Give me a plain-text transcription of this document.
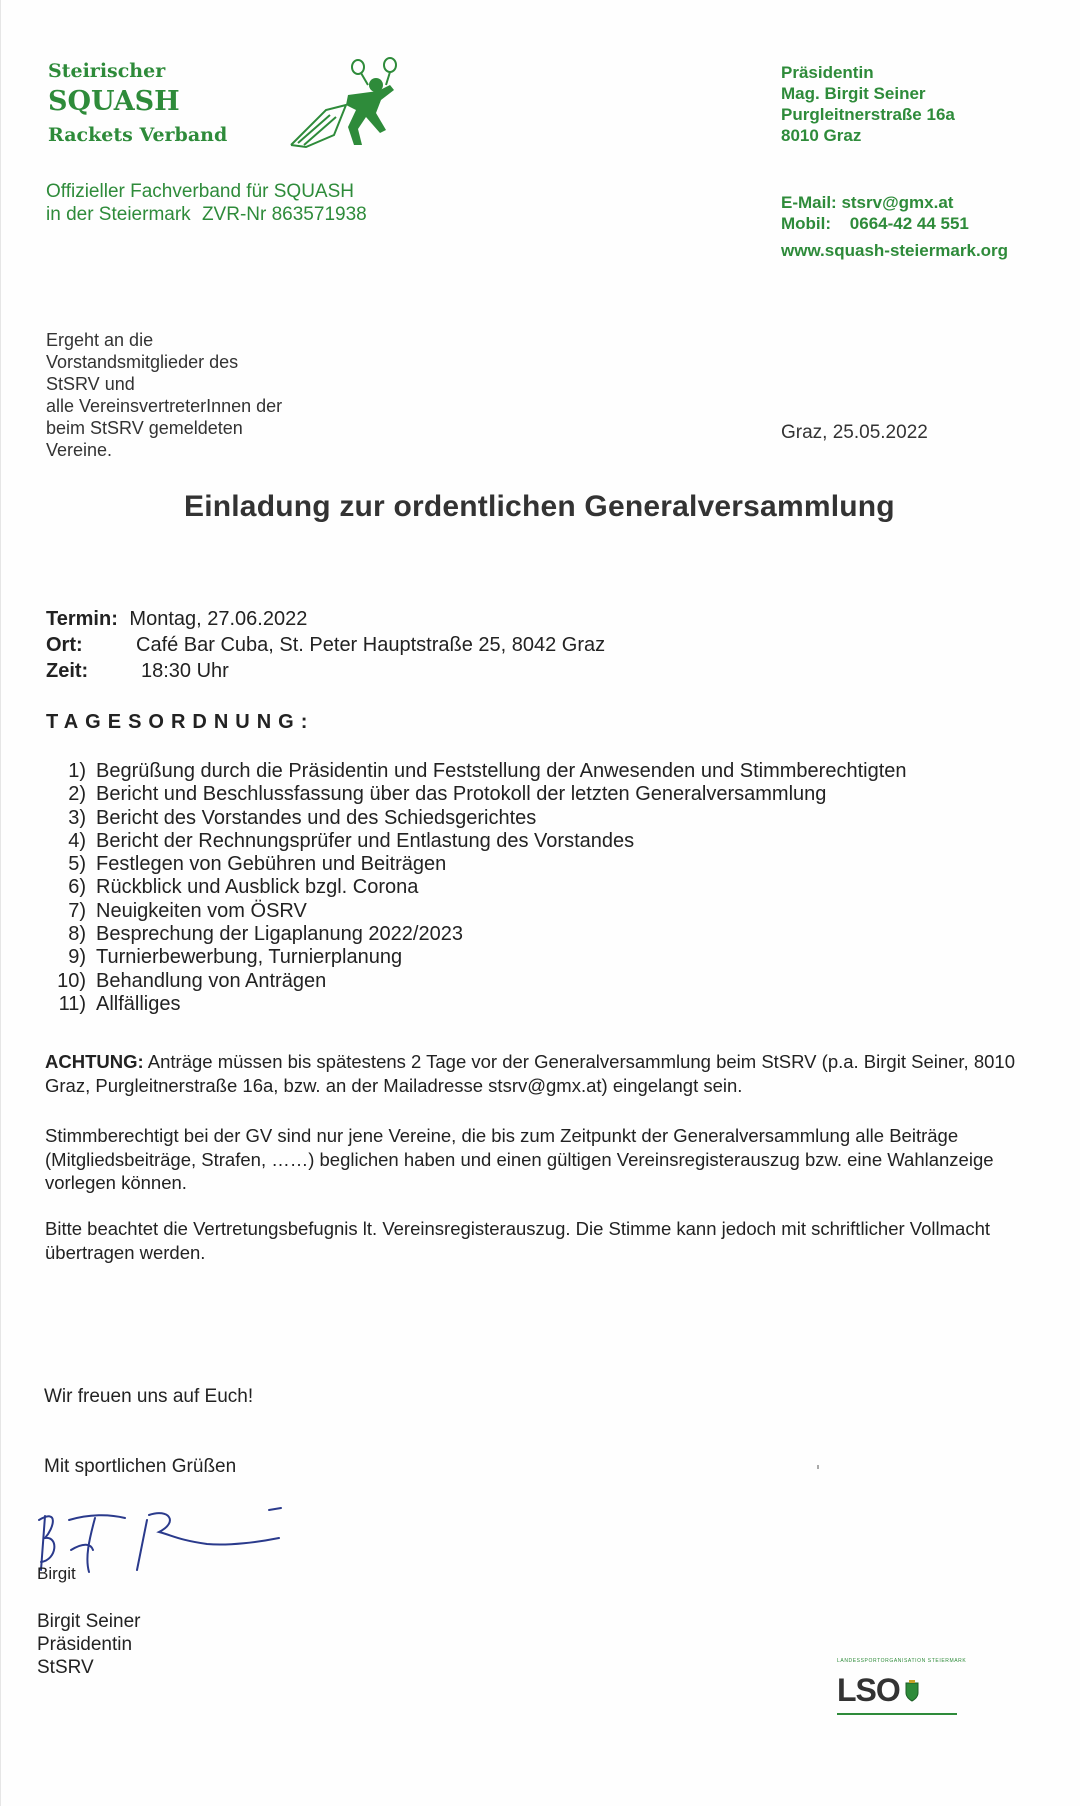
Steirischer
SQUASH
Rackets Verband
Offizieller Fachverband für SQUASH
in der Steiermark ZVR-Nr 863571938
Präsidentin
Mag. Birgit Seiner
Purgleitnerstraße 16a
8010 Graz
E-Mail: stsrv@gmx.at
Mobil: 0664-42 44 551
www.squash-steiermark.org
Ergeht an die
Vorstandsmitglieder des
StSRV und
alle VereinsvertreterInnen der
beim StSRV gemeldeten
Vereine.
Graz, 25.05.2022
Einladung zur ordentlichen Generalversammlung
Termin: Montag, 27.06.2022
Ort:	Café Bar Cuba, St. Peter Hauptstraße 25, 8042 Graz
Zeit:	18:30 Uhr
TAGESORDNUNG:
1) Begrüßung durch die Präsidentin und Feststellung der Anwesenden und Stimmberechtigten
2) Bericht und Beschlussfassung über das Protokoll der letzten Generalversammlung
3) Bericht des Vorstandes und des Schiedsgerichtes
4) Bericht der Rechnungsprüfer und Entlastung des Vorstandes
5) Festlegen von Gebühren und Beiträgen
6) Rückblick und Ausblick bzgl. Corona
7) Neuigkeiten vom ÖSRV
8) Besprechung der Ligaplanung 2022/2023
9) Turnierbewerbung, Turnierplanung
10) Behandlung von Anträgen
11) Allfälliges
ACHTUNG: Anträge müssen bis spätestens 2 Tage vor der Generalversammlung beim StSRV (p.a. Birgit Seiner, 8010 Graz, Purgleitnerstraße 16a, bzw. an der Mailadresse stsrv@gmx.at) eingelangt sein.
Stimmberechtigt bei der GV sind nur jene Vereine, die bis zum Zeitpunkt der Generalversammlung alle Beiträge (Mitgliedsbeiträge, Strafen, ……) beglichen haben und einen gültigen Vereinsregisterauszug bzw. eine Wahlanzeige vorlegen können.
Bitte beachtet die Vertretungsbefugnis lt. Vereinsregisterauszug. Die Stimme kann jedoch mit schriftlicher Vollmacht übertragen werden.
Wir freuen uns auf Euch!
Mit sportlichen Grüßen
Birgit
Birgit Seiner
Präsidentin
StSRV	LANDESSPORTORGANISATION STEIERMARK
LSO
